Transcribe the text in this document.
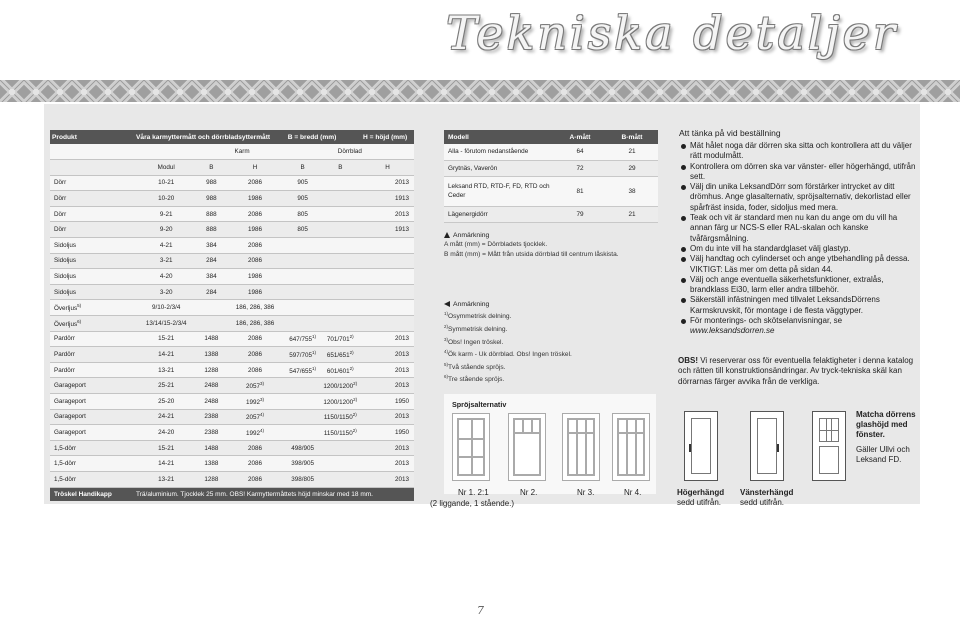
Tekniska detaljer
Produkt	Våra karmyttermått och dörrbladsyttermått			B = bredd (mm)		H = höjd (mm)
		Karm		Dörrblad		
	Modul	B	H	B	B	H
Dörr	10-21	988	2086	905		2013
Dörr	10-20	988	1986	905		1913
Dörr	9-21	888	2086	805		2013
Dörr	9-20	888	1986	805		1913
Sidoljus	4-21	384	2086			
Sidoljus	3-21	284	2086			
Sidoljus	4-20	384	1986			
Sidoljus	3-20	284	1986			
Överljus$^{5)}$	9/10-2/3/4		186, 286, 386			
Överljus$^{6)}$	13/14/15-2/3/4		186, 286, 386			
Pardörr	15-21	1488	2086	647/755$^{1)}$	701/701$^{2)}$	2013
Pardörr	14-21	1388	2086	597/705$^{1)}$	651/651$^{2)}$	2013
Pardörr	13-21	1288	2086	547/655$^{1)}$	601/601$^{2)}$	2013
Garageport	25-21	2488	2057$^{3)}$		1200/1200$^{2)}$	2013
Garageport	25-20	2488	1992$^{3)}$		1200/1200$^{2)}$	1950
Garageport	24-21	2388	2057$^{4)}$		1150/1150$^{2)}$	2013
Garageport	24-20	2388	1992$^{4)}$		1150/1150$^{2)}$	1950
1,5-dörr	15-21	1488	2086	498/905		2013
1,5-dörr	14-21	1388	2086	398/905		2013
1,5-dörr	13-21	1288	2086	398/805		2013
Tröskel Handikapp	Trä/aluminium. Tjocklek 25 mm. OBS! Karmyttermåttets höjd minskar med 18 mm.					
Modell	A-mått	B-mått
Alla - förutom nedanstående	64	21
Grytnäs, Vaverön	72	29
Leksand RTD, RTD-F, FD, RTD och Ceder	81	38
Lägenergidörr	79	21
Anmärkning
A mått (mm) = Dörrbladets tjocklek.
B mått (mm) = Mått från utsida dörrblad till centrum låskista.
Anmärkning
$^{1)}$Osymmetrisk delning.
$^{2)}$Symmetrisk delning.
$^{3)}$Obs! Ingen tröskel.
$^{4)}$Ök karm - Uk dörrblad. Obs! Ingen tröskel.
$^{5)}$Två stående spröjs.
$^{6)}$Tre stående spröjs.
Spröjsalternativ
Nr 1. 2:1	Nr 2.	Nr 3.	Nr 4.
(2 liggande, 1 stående.)
Att tänka på vid beställning
Mät hålet noga där dörren ska sitta och kontrollera att du väljer rätt modulmått.
Kontrollera om dörren ska var vänster- eller högerhängd, utifrån sett.
Välj din unika LeksandDörr som förstärker intrycket av ditt drömhus. Ange glasalternativ, spröjsalternativ, dekorlistad eller spårfräst insida, foder, sidoljus med mera.
Teak och vit är standard men nu kan du ange om du vill ha annan färg ur NCS-S eller RAL-skalan och kanske tvåfärgsmålning.
Om du inte vill ha standardglaset välj glastyp.
Välj handtag och cylinderset och ange ytbehandling på dessa. VIKTIGT: Läs mer om detta på sidan 44.
Välj och ange eventuella säkerhetsfunktioner, extralås, brandklass Ei30, larm eller andra tillbehör.
Säkerställ infästningen med tillvalet LeksandsDörrens Karmskruvskit, för montage i de flesta väggtyper.
För monterings- och skötselanvisningar, se www.leksandsdorren.se
OBS! Vi reserverar oss för eventuella felaktigheter i denna katalog och rätten till konstruktionsändringar. Av tryck-tekniska skäl kan dörrarnas färger avvika från de verkliga.
Högerhängd
sedd utifrån.
Vänsterhängd
sedd utifrån.
Matcha dörrens glashöjd med fönster.
Gäller Ullvi och Leksand FD.
7
